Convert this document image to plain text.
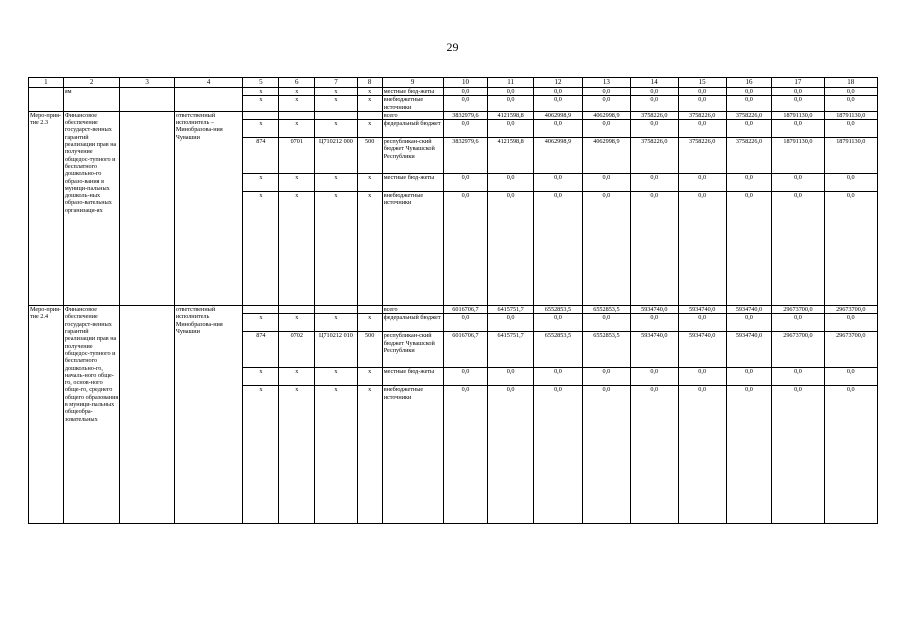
29
1	2	3	4	5	6	7	8	9	10	11	12	13	14	15	16	17	18
	ям			х	х	х	х	местные бюд-жеты	0,0	0,0	0,0	0,0	0,0	0,0	0,0	0,0	0,0
				х	х	х	х	внебюджетные источники	0,0	0,0	0,0	0,0	0,0	0,0	0,0	0,0	0,0
Меро-прия-тие 2.3	Финансовое обеспечение государст-венных гарантий реализации прав на получение общедос-тупного и бесплатного дошкольно-го образо-вания в муници-пальных дошколь-ных образо-вательных организаци-ях		ответственный исполнитель – Минобразова-ния Чувашии					всего	3832979,6	4121598,8	4062998,9	4062998,9	3758226,0	3758226,0	3758226,0	18791130,0	18791130,0
				х	х	х	х	федеральный бюджет	0,0	0,0	0,0	0,0	0,0	0,0	0,0	0,0	0,0
				874	0701	Ц710212 000	500	республикан-ский бюджет Чувашской Республики	3832979,6	4121598,8	4062998,9	4062998,9	3758226,0	3758226,0	3758226,0	18791130,0	18791130,0
				х	х	х	х	местные бюд-жеты	0,0	0,0	0,0	0,0	0,0	0,0	0,0	0,0	0,0
				х	х	х	х	внебюджетные источники	0,0	0,0	0,0	0,0	0,0	0,0	0,0	0,0	0,0
Меро-прия-тие 2.4	Финансовое обеспечение государст-венных гарантий реализации прав на получение общедос-тупного и бесплатного дошкольно-го, началь-ного обще-го, основ-ного обще-го, среднего общего образования в муници-пальных общеобра-зовательных		ответственный исполнитель Минобразова-ния Чувашии					всего	6016706,7	6415751,7	6552853,5	6552853,5	5934740,0	5934740,0	5934740,0	29673700,0	29673700,0
				х	х	х	х	федеральный бюджет	0,0	0,0	0,0	0,0	0,0	0,0	0,0	0,0	0,0
				874	0702	Ц710212 010	500	республикан-ский бюджет Чувашской Республики	6016706,7	6415751,7	6552853,5	6552853,5	5934740,0	5934740,0	5934740,0	29673700,0	29673700,0
				х	х	х	х	местные бюд-жеты	0,0	0,0	0,0	0,0	0,0	0,0	0,0	0,0	0,0
				х	х	х	х	внебюджетные источники	0,0	0,0	0,0	0,0	0,0	0,0	0,0	0,0	0,0
